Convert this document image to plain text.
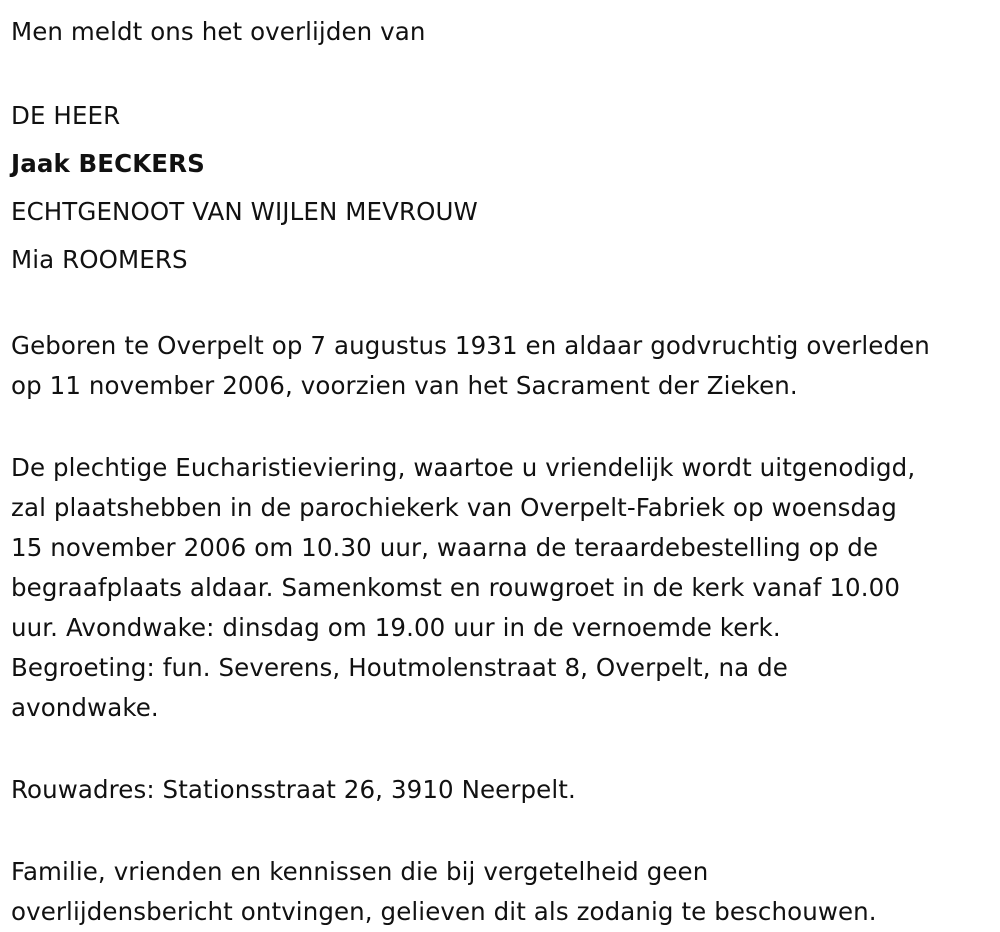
Men meldt ons het overlijden van

DE HEER

Jaak BECKERS

ECHTGENOOT VAN WIJLEN MEVROUW

Mia ROOMERS

Geboren te Overpelt op 7 augustus 1931 en aldaar godvruchtig overleden
op 11 november 2006, voorzien van het Sacrament der Zieken.

De plechtige Eucharistieviering, waartoe u vriendelijk wordt uitgenodigd,
zal plaatshebben in de parochiekerk van Overpelt-Fabriek op woensdag
15 november 2006 om 10.30 uur, waarna de teraardebestelling op de
begraafplaats aldaar. Samenkomst en rouwgroet in de kerk vanaf 10.00
uur. Avondwake: dinsdag om 19.00 uur in de vernoemde kerk.
Begroeting: fun. Severens, Houtmolenstraat 8, Overpelt, na de
avondwake.

Rouwadres: Stationsstraat 26, 3910 Neerpelt.

Familie, vrienden en kennissen die bij vergetelheid geen
overlijdensbericht ontvingen, gelieven dit als zodanig te beschouwen.
